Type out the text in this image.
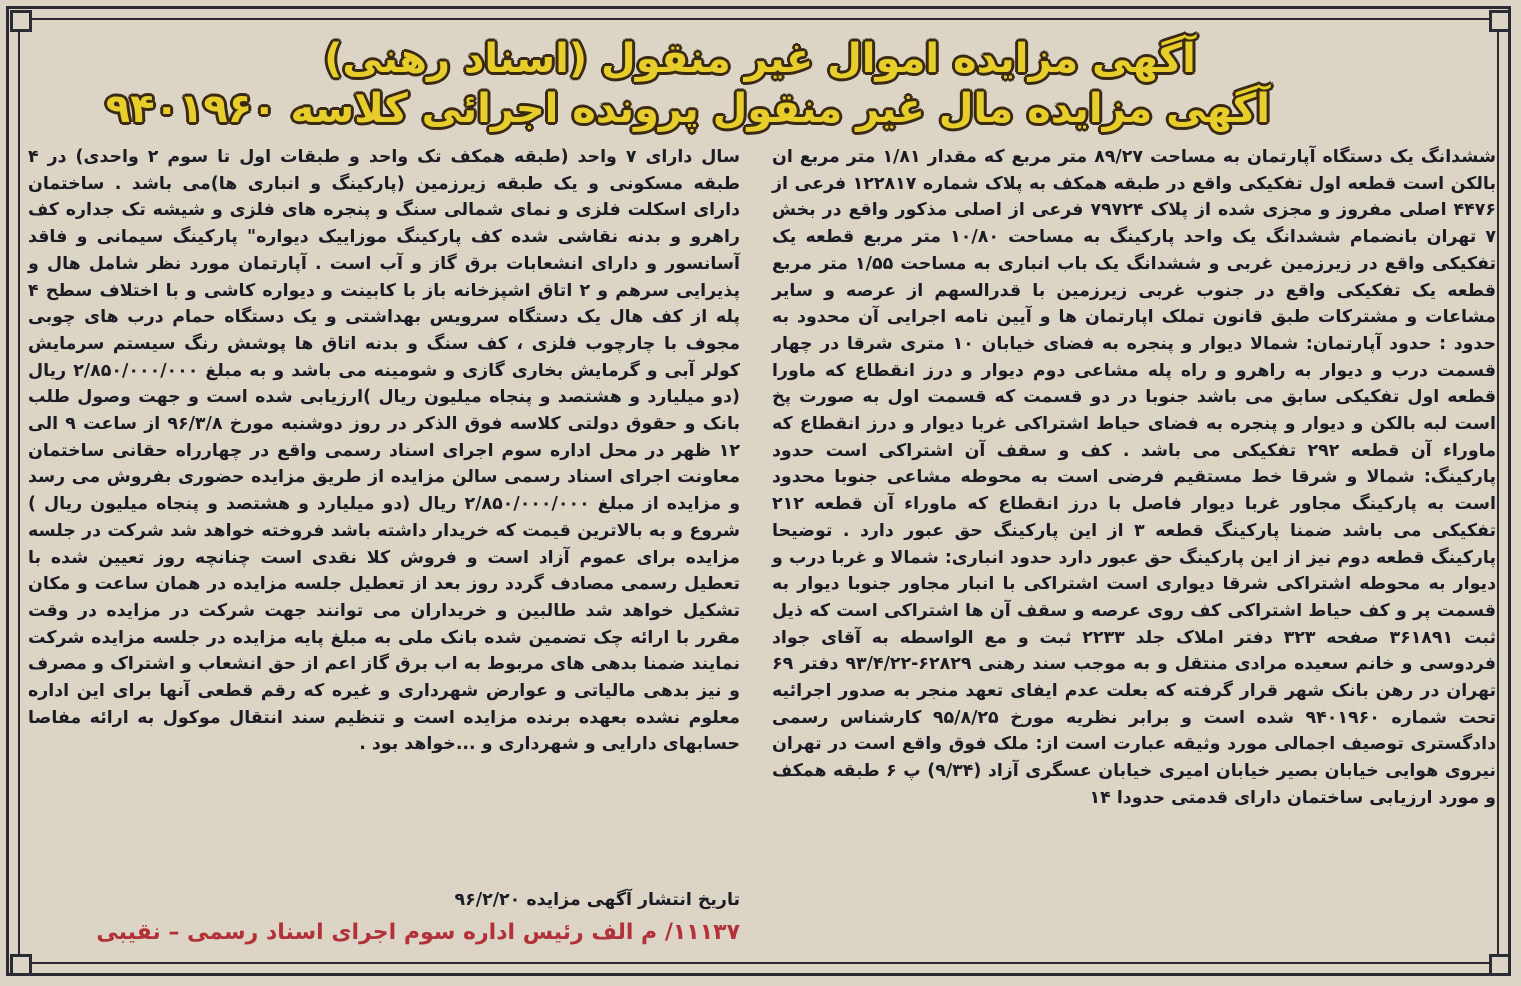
آگهی مزایده اموال غیر منقول (اسناد رهنی)
آگهی مزایده مال غیر منقول پرونده اجرائی کلاسه ۹۴۰۱۹۶۰

ششدانگ یک دستگاه آپارتمان به مساحت ۸۹/۲۷ متر مربع که مقدار ۱/۸۱ متر مربع ان بالکن است قطعه اول تفکیکی واقع در طبقه همکف به پلاک شماره ۱۲۲۸۱۷ فرعی از ۴۴۷۶ اصلی مفروز و مجزی شده از پلاک ۷۹۷۲۴ فرعی از اصلی مذکور واقع در بخش ۷ تهران بانضمام ششدانگ یک واحد پارکینگ به مساحت ۱۰/۸۰ متر مربع قطعه یک تفکیکی واقع در زیرزمین غربی و ششدانگ یک باب انباری به مساحت ۱/۵۵ متر مربع قطعه یک تفکیکی واقع در جنوب غربی زیرزمین با قدرالسهم از عرصه و سایر مشاعات و مشترکات طبق قانون تملک اپارتمان ها و آیین نامه اجرایی آن محدود به حدود : حدود آپارتمان: شمالا دیوار و پنجره به فضای خیابان ۱۰ متری شرقا در چهار قسمت درب و دیوار به راهرو و راه پله مشاعی دوم دیوار و درز انقطاع که ماورا قطعه اول تفکیکی سابق می باشد جنوبا در دو قسمت که قسمت اول به صورت پخ است لبه بالکن و دیوار و پنجره به فضای حیاط اشتراکی غربا دیوار و درز انقطاع که ماوراء آن قطعه ۲۹۲ تفکیکی می باشد . کف و سقف آن اشتراکی است حدود پارکینگ: شمالا و شرقا خط مستقیم فرضی است به محوطه مشاعی جنوبا محدود است به پارکینگ مجاور غربا دیوار فاصل با درز انقطاع که ماوراء آن قطعه ۲۱۲ تفکیکی می باشد ضمنا پارکینگ قطعه ۳ از این پارکینگ حق عبور دارد . توضیحا پارکینگ قطعه دوم نیز از این پارکینگ حق عبور دارد حدود انباری: شمالا و غربا درب و دیوار به محوطه اشتراکی شرقا دیواری است اشتراکی با انبار مجاور جنوبا دیوار به قسمت پر و کف حیاط اشتراکی کف روی عرصه و سقف آن ها اشتراکی است که ذیل ثبت ۳۶۱۸۹۱ صفحه ۳۲۳ دفتر املاک جلد ۲۲۳۳ ثبت و مع الواسطه به آقای جواد فردوسی و خانم سعیده مرادی منتقل و به موجب سند رهنی ۶۲۸۲۹-۹۳/۴/۲۲ دفتر ۶۹ تهران در رهن بانک شهر قرار گرفته که بعلت عدم ایفای تعهد منجر به صدور اجرائیه تحت شماره ۹۴۰۱۹۶۰ شده است و برابر نظریه مورخ ۹۵/۸/۲۵ کارشناس رسمی دادگستری توصیف اجمالی مورد وثیقه عبارت است از: ملک فوق واقع است در تهران نیروی هوایی خیابان بصیر خیابان امیری خیابان عسگری آزاد (۹/۳۴) پ ۶ طبقه همکف و مورد ارزیابی ساختمان دارای قدمتی حدودا ۱۴

سال دارای ۷ واحد (طبقه همکف تک واحد و طبقات اول تا سوم ۲ واحدی) در ۴ طبقه مسکونی و یک طبقه زیرزمین (پارکینگ و انباری ها)می باشد . ساختمان دارای اسکلت فلزی و نمای شمالی سنگ و پنجره های فلزی و شیشه تک جداره کف راهرو و بدنه نقاشی شده کف پارکینگ موزاییک دیواره" پارکینگ سیمانی و فاقد آسانسور و دارای انشعابات برق گاز و آب است . آپارتمان مورد نظر شامل هال و پذیرایی سرهم و ۲ اتاق اشپزخانه باز با کابینت و دیواره کاشی و با اختلاف سطح ۴ پله از کف هال یک دستگاه سرویس بهداشتی و یک دستگاه حمام درب های چوبی مجوف با چارچوب فلزی ، کف سنگ و بدنه اتاق ها پوشش رنگ سیستم سرمایش کولر آبی و گرمایش بخاری گازی و شومینه می باشد و به مبلغ ۲/۸۵۰/۰۰۰/۰۰۰ ریال (دو میلیارد و هشتصد و پنجاه میلیون ریال )ارزیابی شده است و جهت وصول طلب بانک و حقوق دولتی کلاسه فوق الذکر در روز دوشنبه مورخ ۹۶/۳/۸ از ساعت ۹ الی ۱۲ ظهر در محل اداره سوم اجرای اسناد رسمی واقع در چهارراه حقانی ساختمان معاونت اجرای اسناد رسمی سالن مزایده از طریق مزایده حضوری بفروش می رسد و مزایده از مبلغ ۲/۸۵۰/۰۰۰/۰۰۰ ریال (دو میلیارد و هشتصد و پنجاه میلیون ریال ) شروع و به بالاترین قیمت که خریدار داشته باشد فروخته خواهد شد شرکت در جلسه مزایده برای عموم آزاد است و فروش کلا نقدی است چنانچه روز تعیین شده با تعطیل رسمی مصادف گردد روز بعد از تعطیل جلسه مزایده در همان ساعت و مکان تشکیل خواهد شد طالبین و خریداران می توانند جهت شرکت در مزایده در وقت مقرر با ارائه چک تضمین شده بانک ملی به مبلغ پایه مزایده در جلسه مزایده شرکت نمایند ضمنا بدهی های مربوط به اب برق گاز اعم از حق انشعاب و اشتراک و مصرف و نیز بدهی مالیاتی و عوارض شهرداری و غیره که رقم قطعی آنها برای این اداره معلوم نشده بعهده برنده مزایده است و تنظیم سند انتقال موکول به ارائه مفاصا حسابهای دارایی و شهرداری و ...خواهد بود .

تاریخ انتشار آگهی مزایده ۹۶/۲/۲۰
۱۱۱۳۷/ م الف رئیس اداره سوم اجرای اسناد رسمی – نقیبی
